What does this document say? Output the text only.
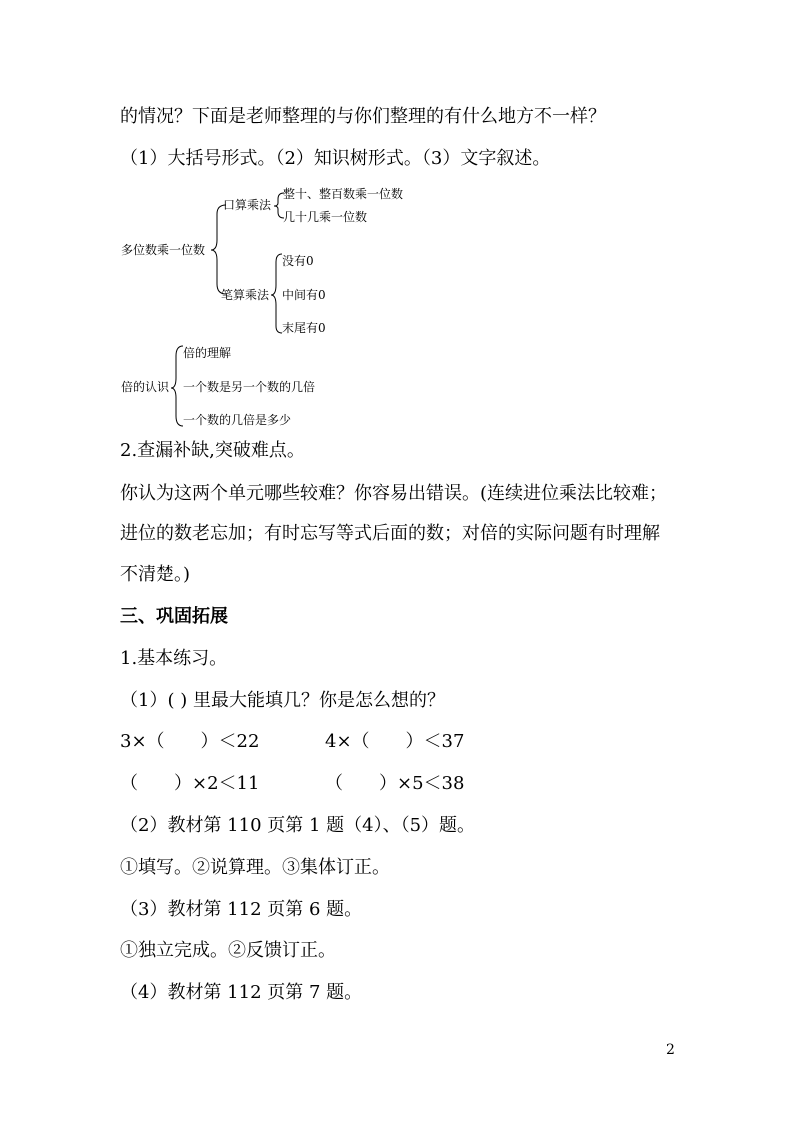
的情况？下面是老师整理的与你们整理的有什么地方不一样？
（1）大括号形式。（2）知识树形式。（3）文字叙述。
多位数乘一位数
口算乘法
整十、整百数乘一位数
几十几乘一位数
笔算乘法
没有0
中间有0
末尾有0
倍的认识
倍的理解
一个数是另一个数的几倍
一个数的几倍是多少
2.查漏补缺,突破难点。
你认为这两个单元哪些较难？你容易出错误。(连续进位乘法比较难；
进位的数老忘加；有时忘写等式后面的数；对倍的实际问题有时理解
不清楚。)
三、巩固拓展
1.基本练习。
（1）( ) 里最大能填几？你是怎么想的？
3×（　　）＜22	4×（　　）＜37
（　　）×2＜11	（　　）×5＜38
（2）教材第 110 页第 1 题（4）、（5）题。
①填写。②说算理。③集体订正。
（3）教材第 112 页第 6 题。
①独立完成。②反馈订正。
（4）教材第 112 页第 7 题。
2
